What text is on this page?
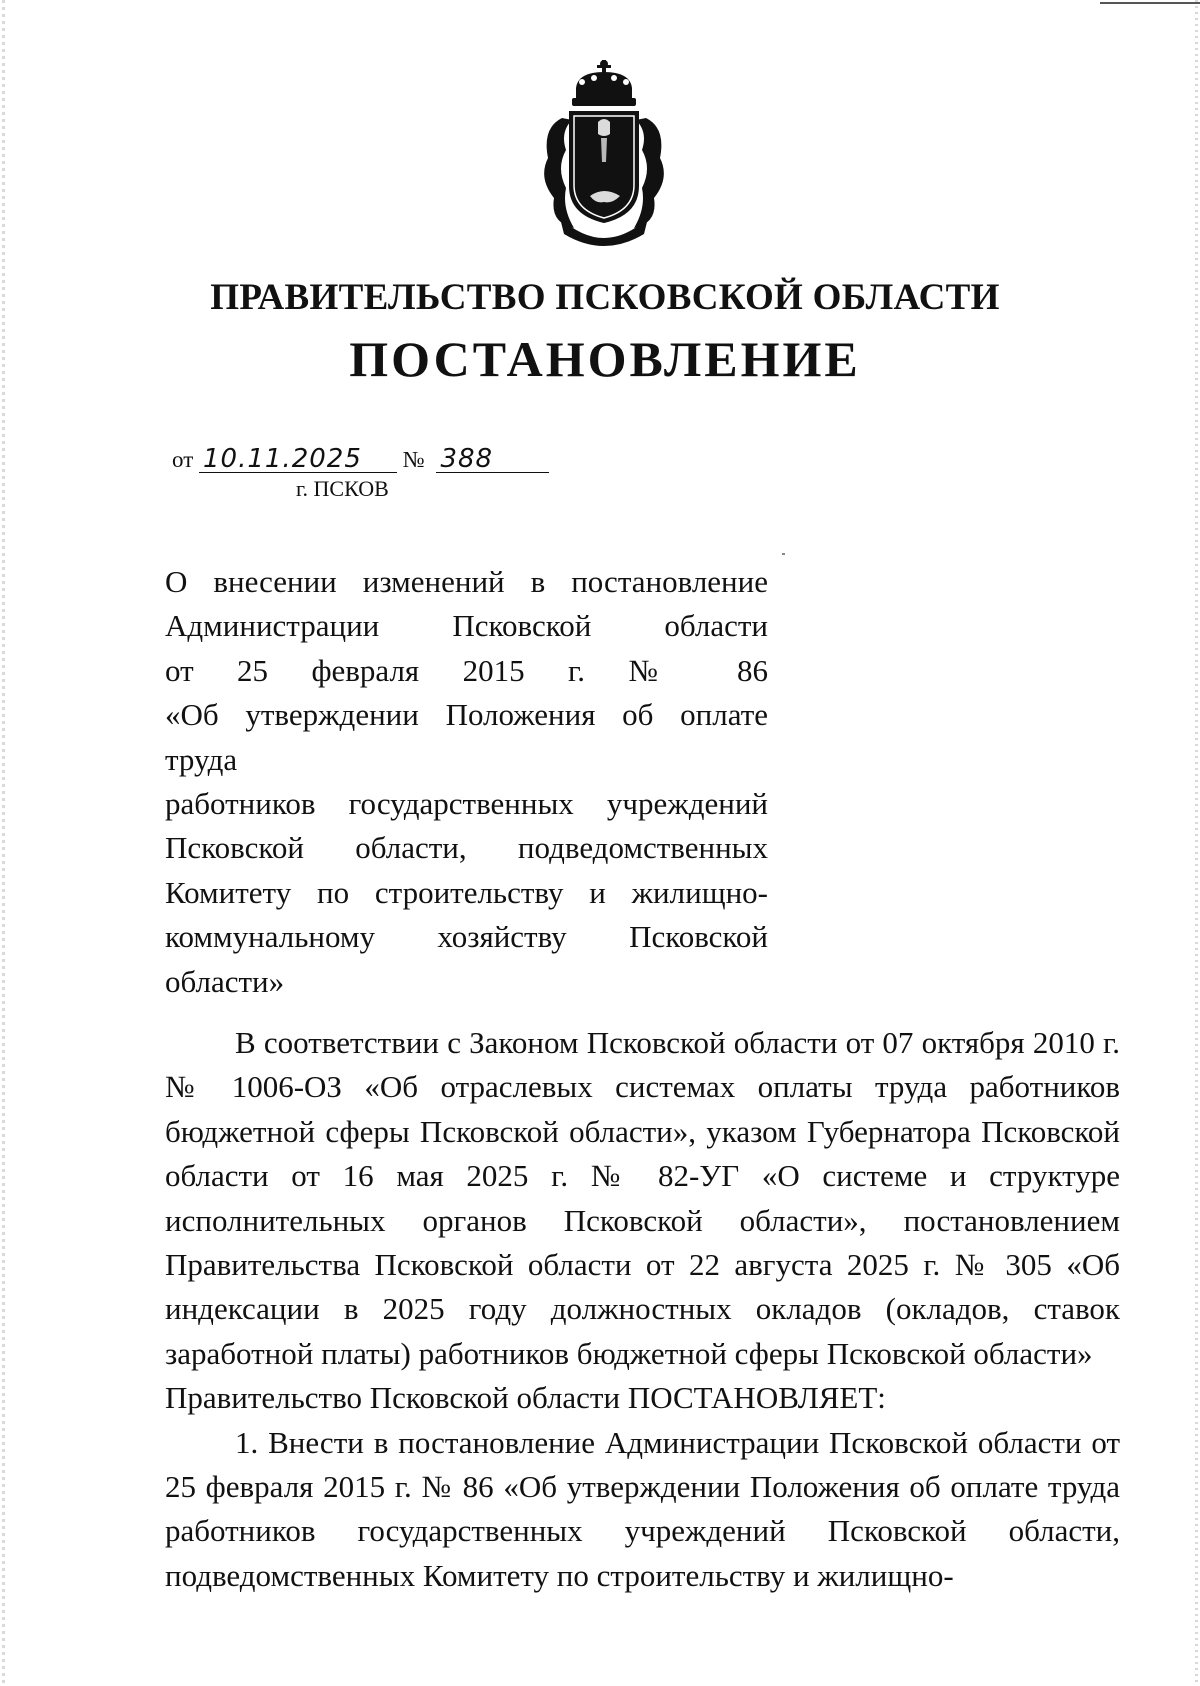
ПРАВИТЕЛЬСТВО ПСКОВСКОЙ ОБЛАСТИ
ПОСТАНОВЛЕНИЕ
от 10.11.2025 № 388
г. ПСКОВ
О внесении изменений в постановление
Администрации Псковской области
от 25 февраля 2015 г. № 86
«Об утверждении Положения об оплате труда
работников государственных учреждений
Псковской области, подведомственных
Комитету по строительству и жилищно-
коммунальному хозяйству Псковской
области»

В соответствии с Законом Псковской области от 07 октября 2010 г. № 1006-ОЗ «Об отраслевых системах оплаты труда работников бюджетной сферы Псковской области», указом Губернатора Псковской области от 16 мая 2025 г. № 82-УГ «О системе и структуре исполнительных органов Псковской области», постановлением Правительства Псковской области от 22 августа 2025 г. № 305 «Об индексации в 2025 году должностных окладов (окладов, ставок заработной платы) работников бюджетной сферы Псковской области»
Правительство Псковской области ПОСТАНОВЛЯЕТ:

1. Внести в постановление Администрации Псковской области от 25 февраля 2015 г. № 86 «Об утверждении Положения об оплате труда работников государственных учреждений Псковской области, подведомственных Комитету по строительству и жилищно-
